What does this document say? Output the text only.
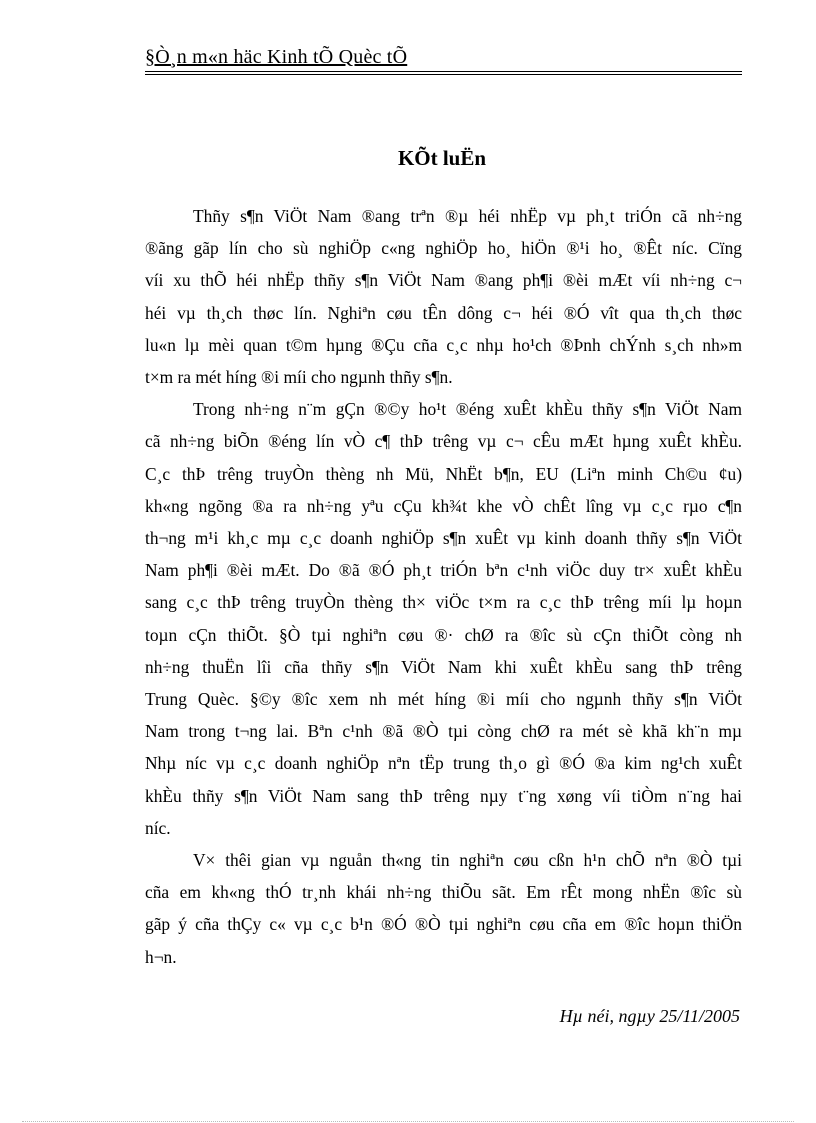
§Ò¸n m«n häc Kinh tÕ Quèc tÕ
KÕt luËn

Thñy s¶n ViÖt Nam ®ang trªn ®µ héi nhËp vµ ph¸t triÓn cã nh÷ng
®ãng gãp lín cho sù nghiÖp c«ng nghiÖp ho¸ hiÖn ®¹i ho¸ ®Êt níc. Cïng
víi xu thÕ héi nhËp thñy s¶n ViÖt Nam ®ang ph¶i ®èi mÆt víi nh÷ng c¬
héi vµ th¸ch thøc lín. Nghiªn cøu tÊn dông c¬ héi ®Ó vît qua th¸ch thøc
lu«n lµ mèi quan t©m hµng ®Çu cña c¸c nhµ ho¹ch ®Þnh chÝnh s¸ch nh»m
t×m ra mét híng ®i míi cho ngµnh thñy s¶n.

Trong nh÷ng n¨m gÇn ®©y ho¹t ®éng xuÊt khÈu thñy s¶n ViÖt Nam
cã nh÷ng biÕn ®éng lín vÒ c¶ thÞ trêng vµ c¬ cÊu mÆt hµng xuÊt khÈu.
C¸c thÞ trêng truyÒn thèng nh Mü, NhËt b¶n, EU (Liªn minh Ch©u ¢u)
kh«ng ngõng ®a ra nh÷ng yªu cÇu kh¾t khe vÒ chÊt lîng vµ c¸c rµo c¶n
th¬ng m¹i kh¸c mµ c¸c doanh nghiÖp s¶n xuÊt vµ kinh doanh thñy s¶n ViÖt
Nam ph¶i ®èi mÆt. Do ®ã ®Ó ph¸t triÓn bªn c¹nh viÖc duy tr× xuÊt khÈu
sang c¸c thÞ trêng truyÒn thèng th× viÖc t×m ra c¸c thÞ trêng míi lµ hoµn
toµn cÇn thiÕt. §Ò tµi nghiªn cøu ®· chØ ra ®îc sù cÇn thiÕt còng nh
nh÷ng thuËn lîi cña thñy s¶n ViÖt Nam khi xuÊt khÈu sang thÞ trêng
Trung Quèc. §©y ®îc xem nh mét híng ®i míi cho ngµnh thñy s¶n ViÖt
Nam trong t¬ng lai. Bªn c¹nh ®ã ®Ò tµi còng chØ ra mét sè khã kh¨n mµ
Nhµ níc vµ c¸c doanh nghiÖp nªn tËp trung th¸o gì ®Ó ®a kim ng¹ch xuÊt
khÈu thñy s¶n ViÖt Nam sang thÞ trêng nµy t¨ng xøng víi tiÒm n¨ng hai
níc.

V× thêi gian vµ nguån th«ng tin nghiªn cøu cßn h¹n chÕ nªn ®Ò tµi
cña em kh«ng thÓ tr¸nh khái nh÷ng thiÕu sãt. Em rÊt mong nhËn ®îc sù
gãp ý cña thÇy c« vµ c¸c b¹n ®Ó ®Ò tµi nghiªn cøu cña em ®îc hoµn thiÖn
h¬n.

Hµ néi, ngµy 25/11/2005
